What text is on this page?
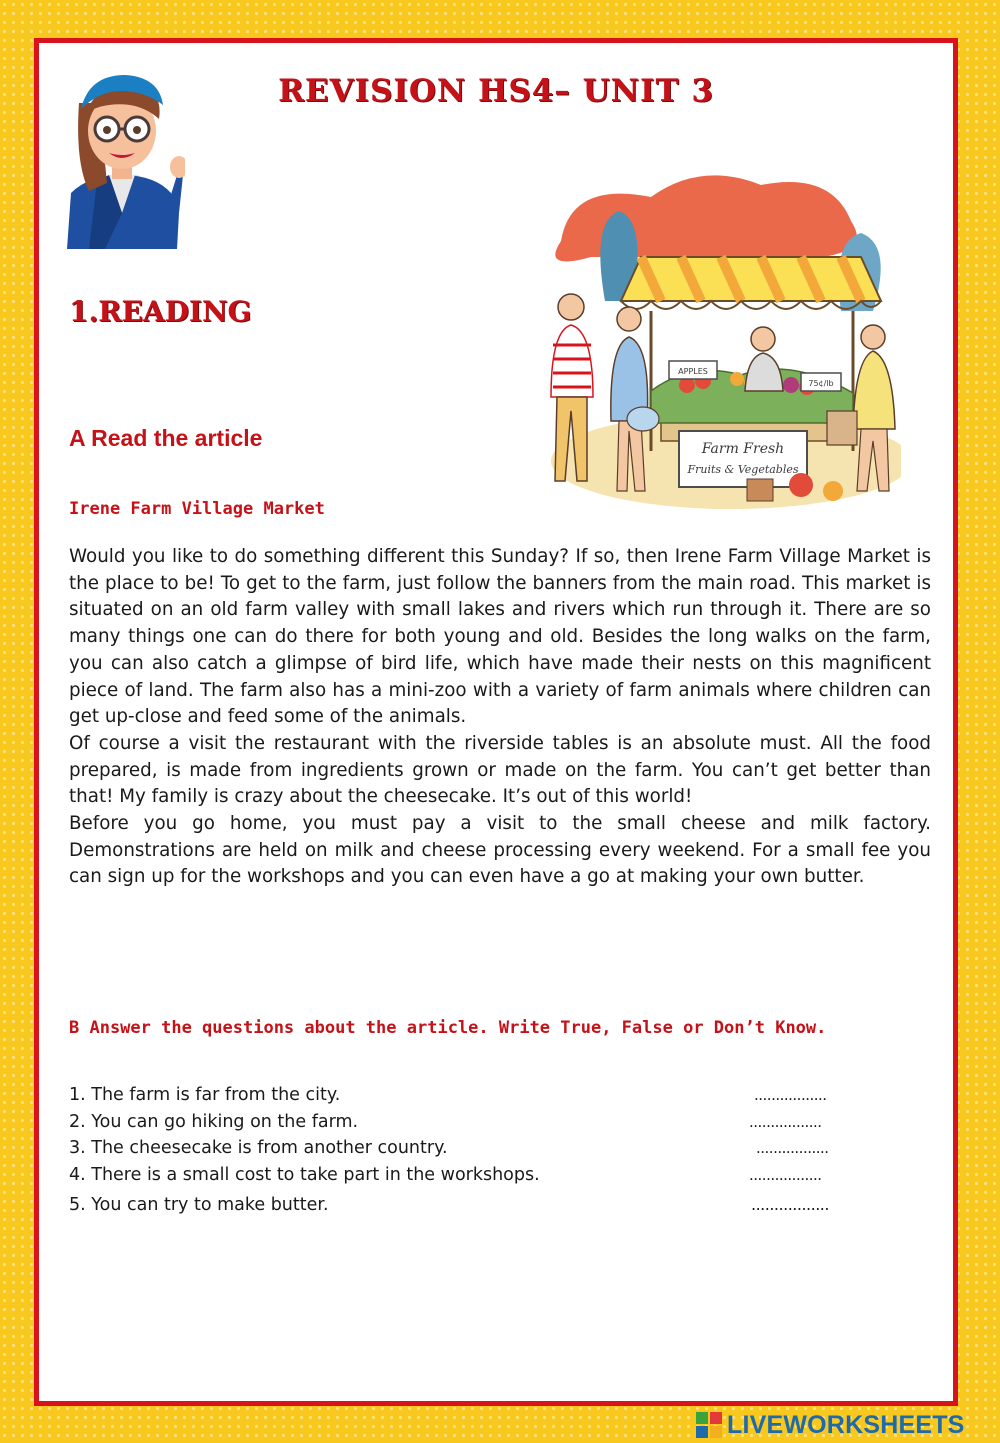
REVISION HS4– UNIT 3
1.READING
Farm Fresh
Fruits & Vegetables
APPLES
75¢/lb
A Read the article
Irene Farm Village Market

Would you like to do something different this Sunday? If so, then Irene Farm Village Market is the place to be! To get to the farm, just follow the banners from the main road. This market is situated on an old farm valley with small lakes and rivers which run through it. There are so many things one can do there for both young and old. Besides the long walks on the farm, you can also catch a glimpse of bird life, which have made their nests on this magnificent piece of land. The farm also has a mini-zoo with a variety of farm animals where children can get up-close and feed some of the animals.

Of course a visit the restaurant with the riverside tables is an absolute must. All the food prepared, is made from ingredients grown or made on the farm. You can’t get better than that! My family is crazy about the cheesecake. It’s out of this world!

Before you go home, you must pay a visit to the small cheese and milk factory. Demonstrations are held on milk and cheese processing every weekend. For a small fee you can sign up for the workshops and you can even have a go at making your own butter.

B Answer the questions about the article. Write True, False or Don’t Know.
1. The farm is far from the city.	.................
2. You can go hiking on the farm.	.................
3. The cheesecake is from another country.	.................
4. There is a small cost to take part in the workshops.	.................
5. You can try to make butter.	.................
LIVEWORKSHEETS
